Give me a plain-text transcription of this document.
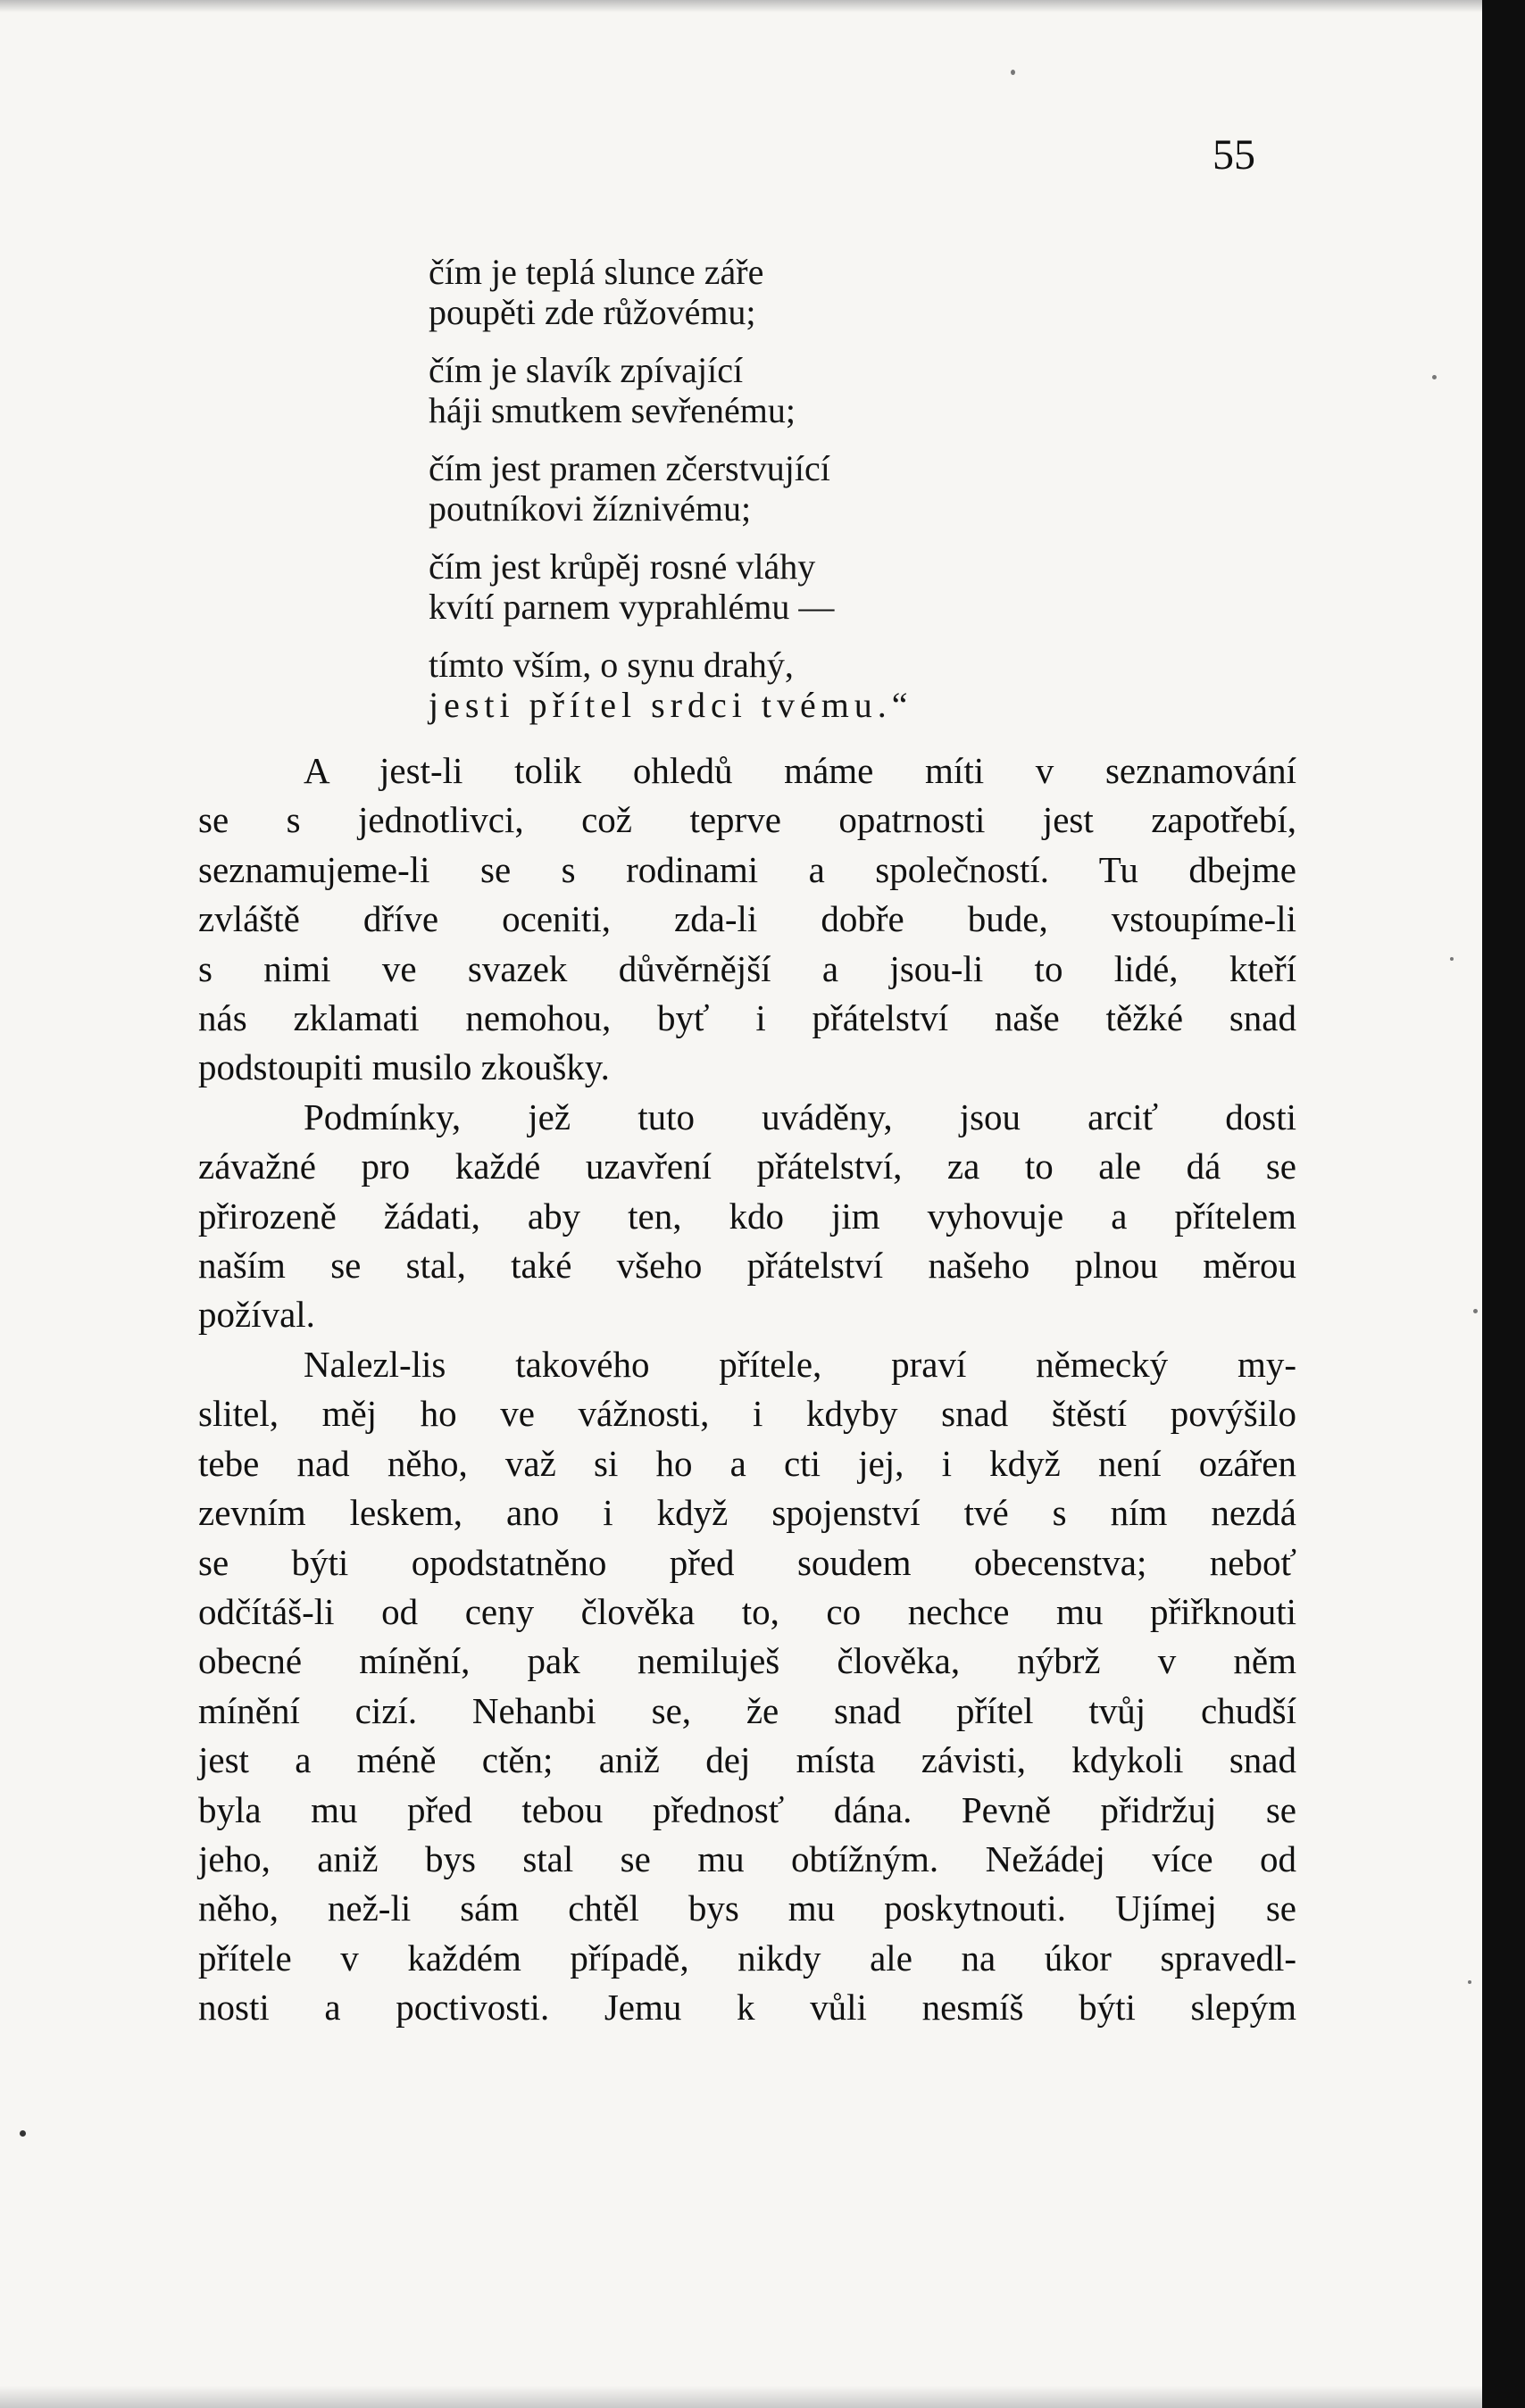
55

čím je teplá slunce záře
poupěti zde růžovému;
čím je slavík zpívající
háji smutkem sevřenému;
čím jest pramen zčerstvující
poutníkovi žíznivému;
čím jest krůpěj rosné vláhy
kvítí parnem vyprahlému —
tímto vším, o synu drahý,
jesti přítel srdci tvému.“
A jest-li tolik ohledů máme míti v seznamování
se s jednotlivci, což teprve opatrnosti jest zapotřebí,
seznamujeme-li se s rodinami a společností. Tu dbejme
zvláště dříve oceniti, zda-li dobře bude, vstoupíme-li
s nimi ve svazek důvěrnější a jsou-li to lidé, kteří
nás zklamati nemohou, byť i přátelství naše těžké snad
podstoupiti musilo zkoušky.
Podmínky, jež tuto uváděny, jsou arciť dosti
závažné pro každé uzavření přátelství, za to ale dá se
přirozeně žádati, aby ten, kdo jim vyhovuje a přítelem
naším se stal, také všeho přátelství našeho plnou měrou
požíval.
Nalezl-lis takového přítele, praví německý my-
slitel, měj ho ve vážnosti, i kdyby snad štěstí povýšilo
tebe nad něho, važ si ho a cti jej, i když není ozářen
zevním leskem, ano i když spojenství tvé s ním nezdá
se býti opodstatněno před soudem obecenstva; neboť
odčítáš-li od ceny člověka to, co nechce mu přiřknouti
obecné mínění, pak nemiluješ člověka, nýbrž v něm
mínění cizí. Nehanbi se, že snad přítel tvůj chudší
jest a méně ctěn; aniž dej místa závisti, kdykoli snad
byla mu před tebou přednosť dána. Pevně přidržuj se
jeho, aniž bys stal se mu obtížným. Nežádej více od
něho, než-li sám chtěl bys mu poskytnouti. Ujímej se
přítele v každém případě, nikdy ale na úkor spravedl-
nosti a poctivosti. Jemu k vůli nesmíš býti slepým
